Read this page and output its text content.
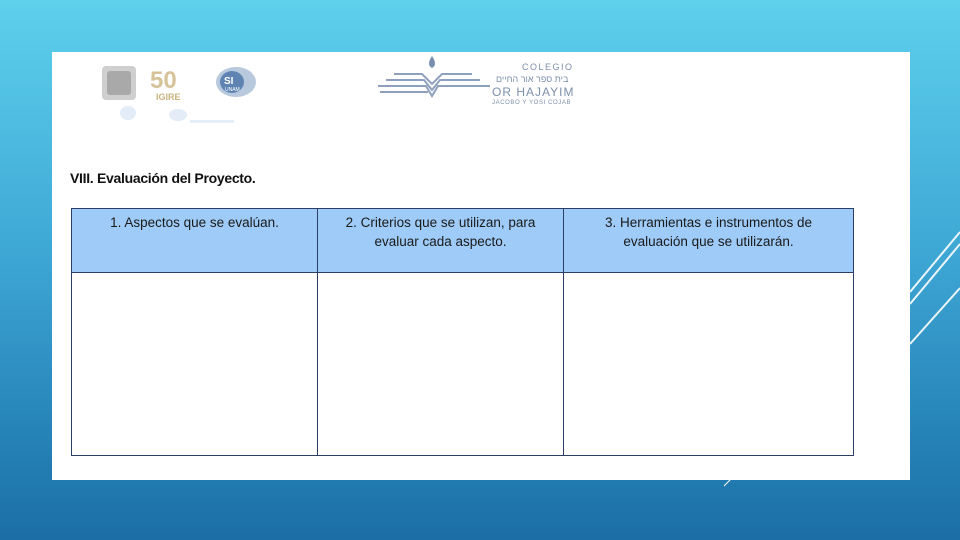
50
IGIRE
SI
UNAM
COLEGIO
בית ספר אור החיים
OR HAJAYIM
JACOBO Y YOSI COJAB
VIII. Evaluación del Proyecto.
1. Aspectos que se evalúan.	2. Criterios que se utilizan, para evaluar cada aspecto.	3. Herramientas e instrumentos de evaluación que se utilizarán.
